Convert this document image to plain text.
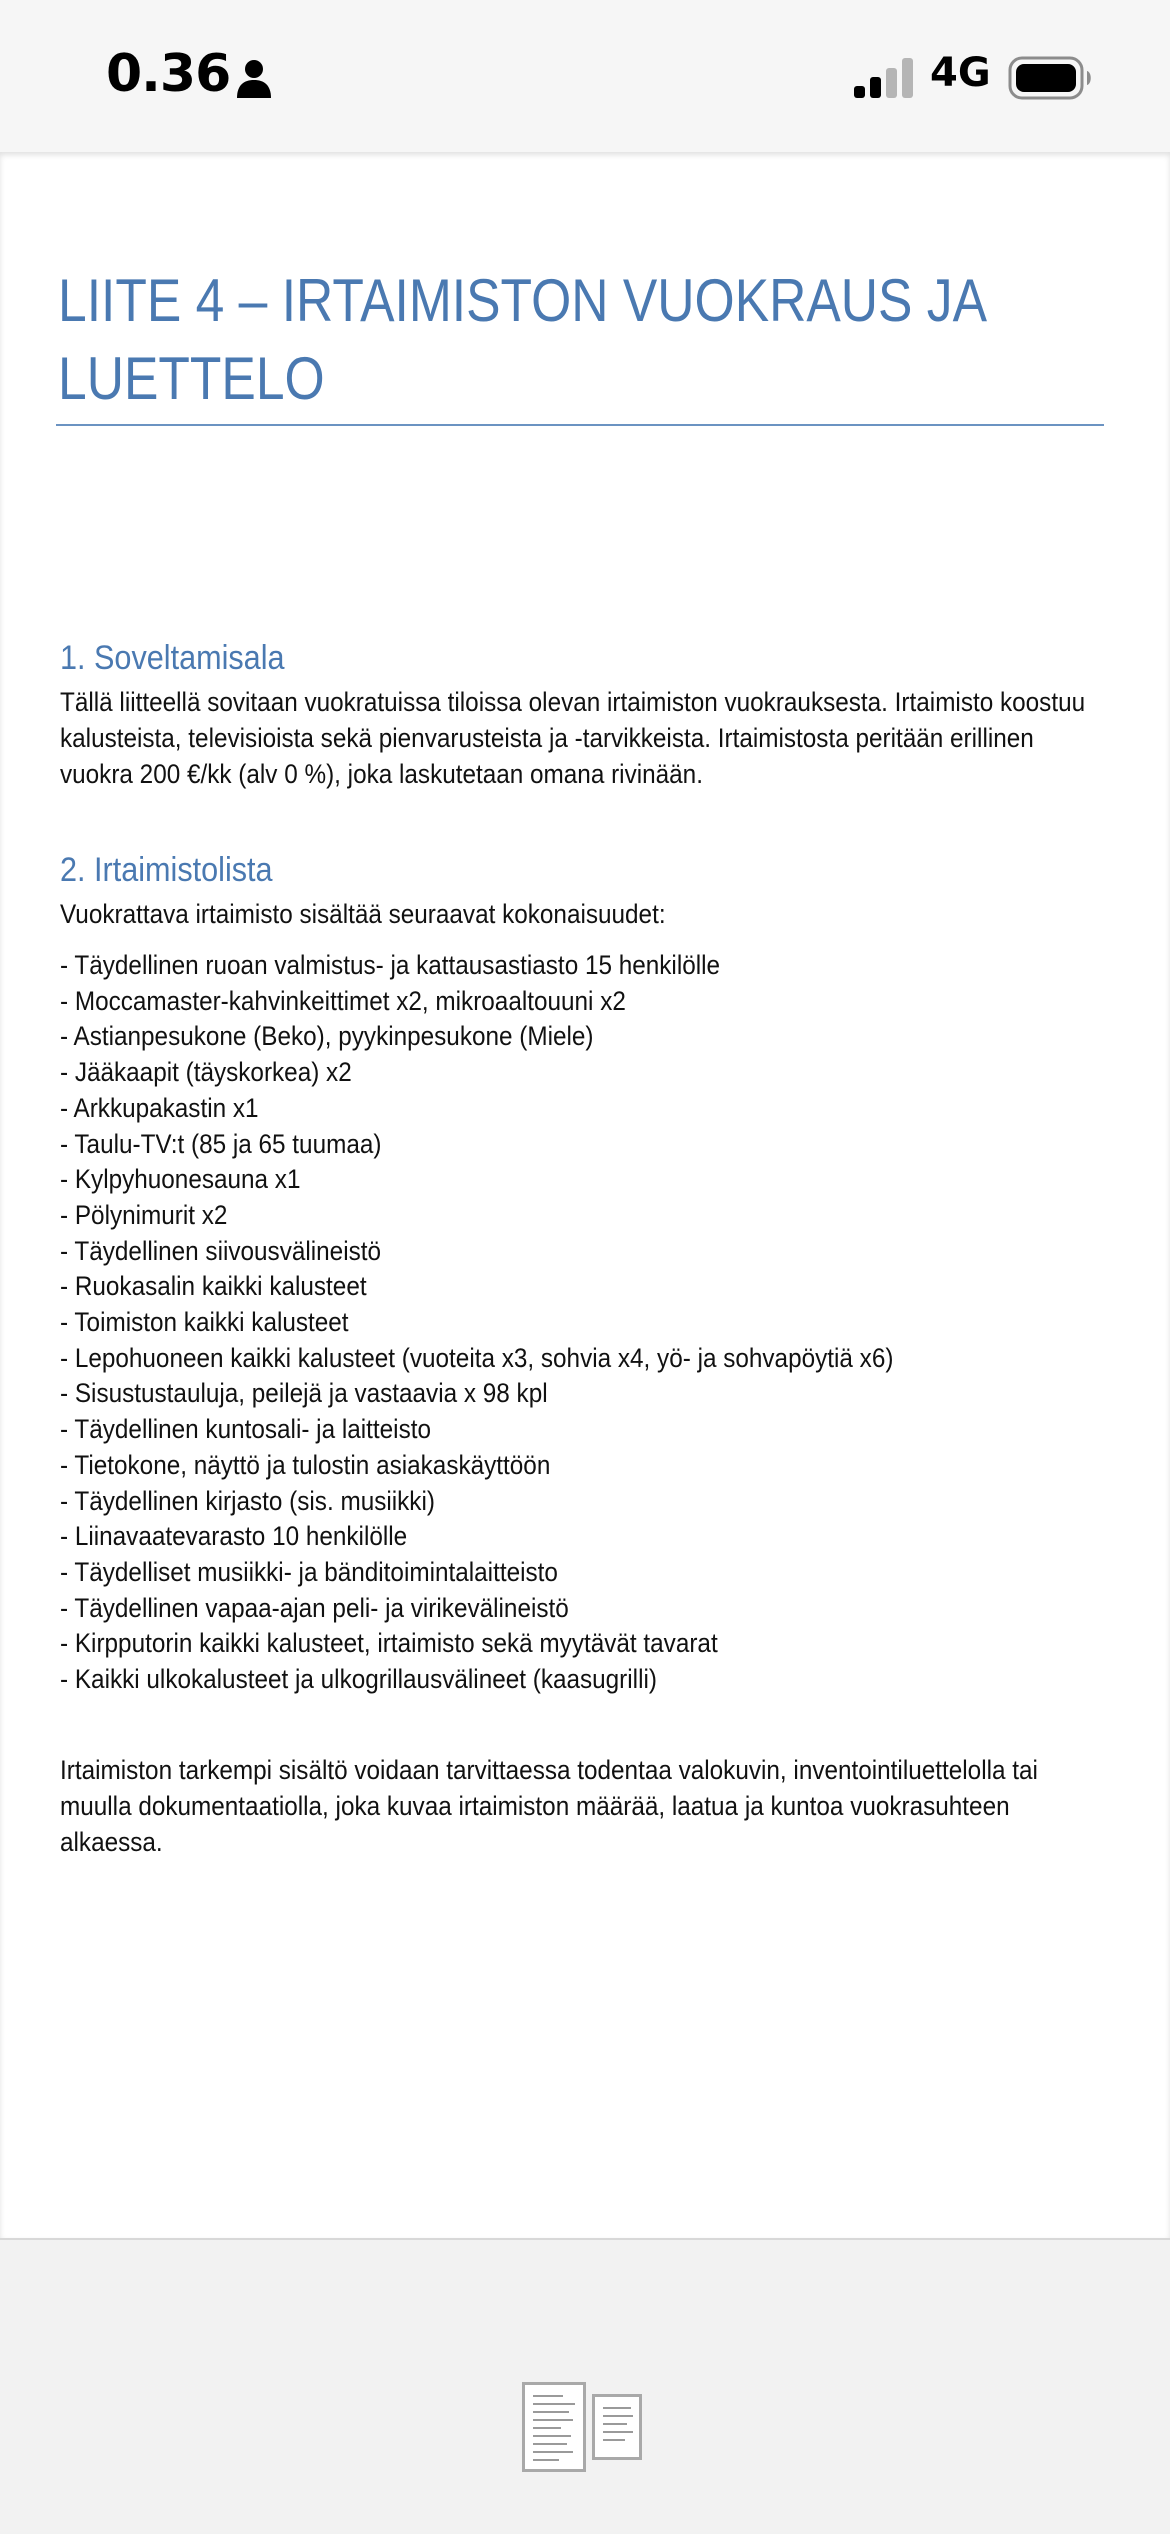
0.36	4G
LIITE 4 – IRTAIMISTON VUOKRAUS JA LUETTELO
1. Soveltamisala

Tällä liitteellä sovitaan vuokratuissa tiloissa olevan irtaimiston vuokrauksesta. Irtaimisto koostuu kalusteista, televisioista sekä pienvarusteista ja -tarvikkeista. Irtaimistosta peritään erillinen vuokra 200 €/kk (alv 0 %), joka laskutetaan omana rivinään.

2. Irtaimistolista

Vuokrattava irtaimisto sisältää seuraavat kokonaisuudet:

- Täydellinen ruoan valmistus- ja kattausastiasto 15 henkilölle
- Moccamaster-kahvinkeittimet x2, mikroaaltouuni x2
- Astianpesukone (Beko), pyykinpesukone (Miele)
- Jääkaapit (täyskorkea) x2
- Arkkupakastin x1
- Taulu-TV:t (85 ja 65 tuumaa)
- Kylpyhuonesauna x1
- Pölynimurit x2
- Täydellinen siivousvälineistö
- Ruokasalin kaikki kalusteet
- Toimiston kaikki kalusteet
- Lepohuoneen kaikki kalusteet (vuoteita x3, sohvia x4, yö- ja sohvapöytiä x6)
- Sisustustauluja, peilejä ja vastaavia x 98 kpl
- Täydellinen kuntosali- ja laitteisto
- Tietokone, näyttö ja tulostin asiakaskäyttöön
- Täydellinen kirjasto (sis. musiikki)
- Liinavaatevarasto 10 henkilölle
- Täydelliset musiikki- ja bänditoimintalaitteisto
- Täydellinen vapaa-ajan peli- ja virikevälineistö
- Kirpputorin kaikki kalusteet, irtaimisto sekä myytävät tavarat
- Kaikki ulkokalusteet ja ulkogrillausvälineet (kaasugrilli)

Irtaimiston tarkempi sisältö voidaan tarvittaessa todentaa valokuvin, inventointiluettelolla tai muulla dokumentaatiolla, joka kuvaa irtaimiston määrää, laatua ja kuntoa vuokrasuhteen alkaessa.
